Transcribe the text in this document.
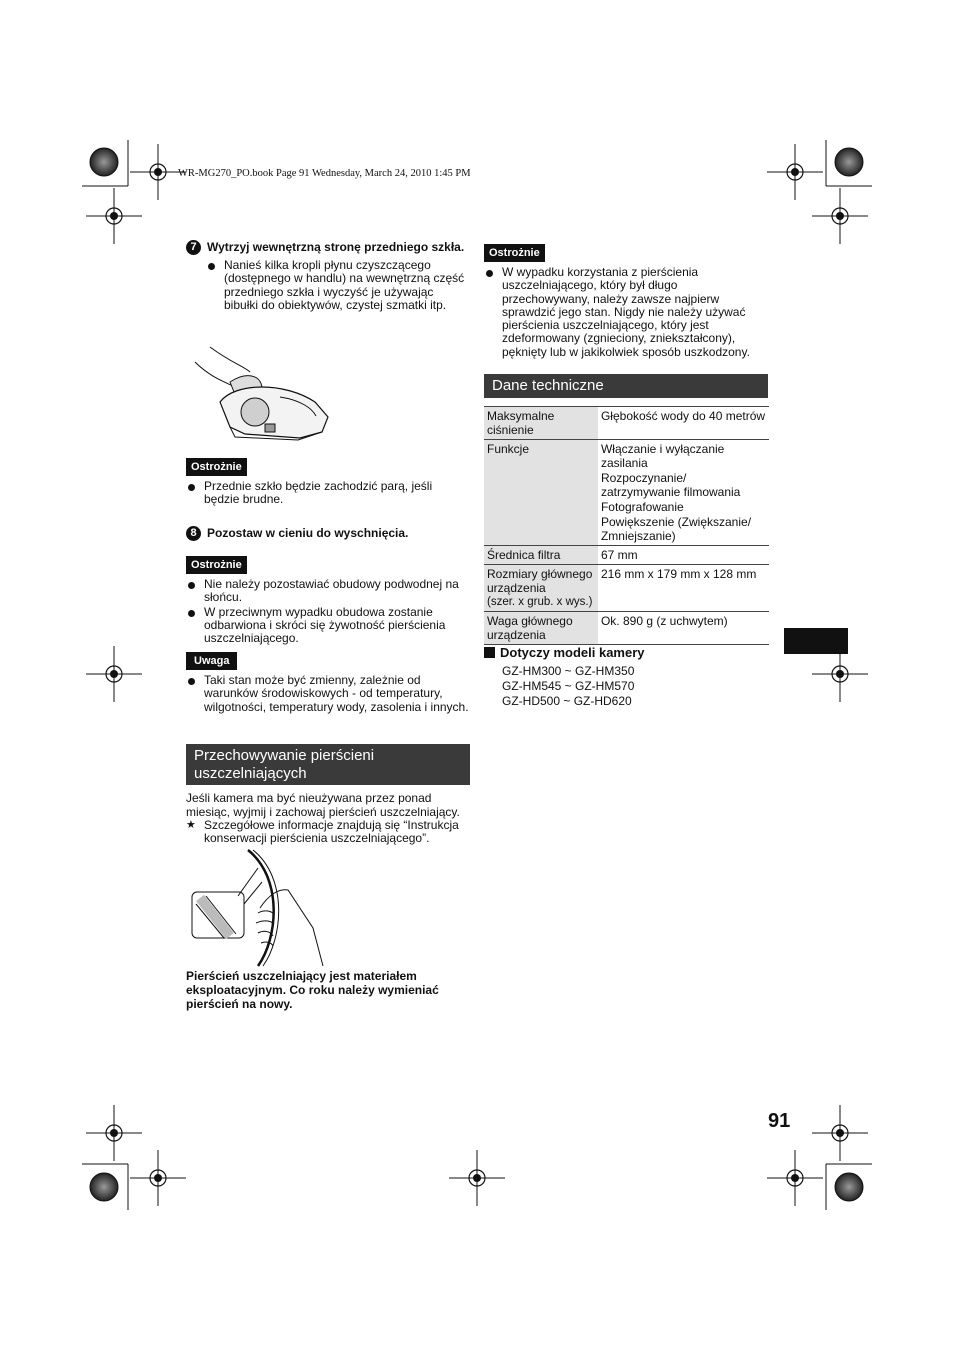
WR-MG270_PO.book Page 91 Wednesday, March 24, 2010 1:45 PM
7 Wytrzyj wewnętrzną stronę przedniego szkła.
Nanieś kilka kropli płynu czyszczącego (dostępnego w handlu) na wewnętrzną część przedniego szkła i wyczyść je używając bibułki do obiektywów, czystej szmatki itp.
Ostrożnie
Przednie szkło będzie zachodzić parą, jeśli będzie brudne.
8 Pozostaw w cieniu do wyschnięcia.
Ostrożnie
Nie należy pozostawiać obudowy podwodnej na słońcu.
W przeciwnym wypadku obudowa zostanie odbarwiona i skróci się żywotność pierścienia uszczelniającego.
Uwaga
Taki stan może być zmienny, zależnie od warunków środowiskowych - od temperatury, wilgotności, temperatury wody, zasolenia i innych.
Przechowywanie pierścieni
uszczelniających
Jeśli kamera ma być nieużywana przez ponad miesiąc, wyjmij i zachowaj pierścień uszczelniający.
★ Szczegółowe informacje znajdują się “Instrukcja konserwacji pierścienia uszczelniającego”.
Pierścień uszczelniający jest materiałem
eksploatacyjnym. Co roku należy wymieniać
pierścień na nowy.
Ostrożnie
W wypadku korzystania z pierścienia uszczelniającego, który był długo przechowywany, należy zawsze najpierw sprawdzić jego stan. Nigdy nie należy używać pierścienia uszczelniającego, który jest zdeformowany (zgnieciony, zniekształcony), pęknięty lub w jakikolwiek sposób uszkodzony.
Dane techniczne
Maksymalne ciśnienie	Głębokość wody do 40 metrów
Funkcje	Włączanie i wyłączanie zasilania
Rozpoczynanie/ zatrzymywanie filmowania
Fotografowanie
Powiększenie (Zwiększanie/ Zmniejszanie)

Średnica filtra	67 mm

Rozmiary głównego urządzenia
(szer. x grub. x wys.)	216 mm x 179 mm x 128 mm
Waga głównego urządzenia	Ok. 890 g (z uchwytem)
Dotyczy modeli kamery
GZ-HM300 ~ GZ-HM350
GZ-HM545 ~ GZ-HM570
GZ-HD500 ~ GZ-HD620
91
